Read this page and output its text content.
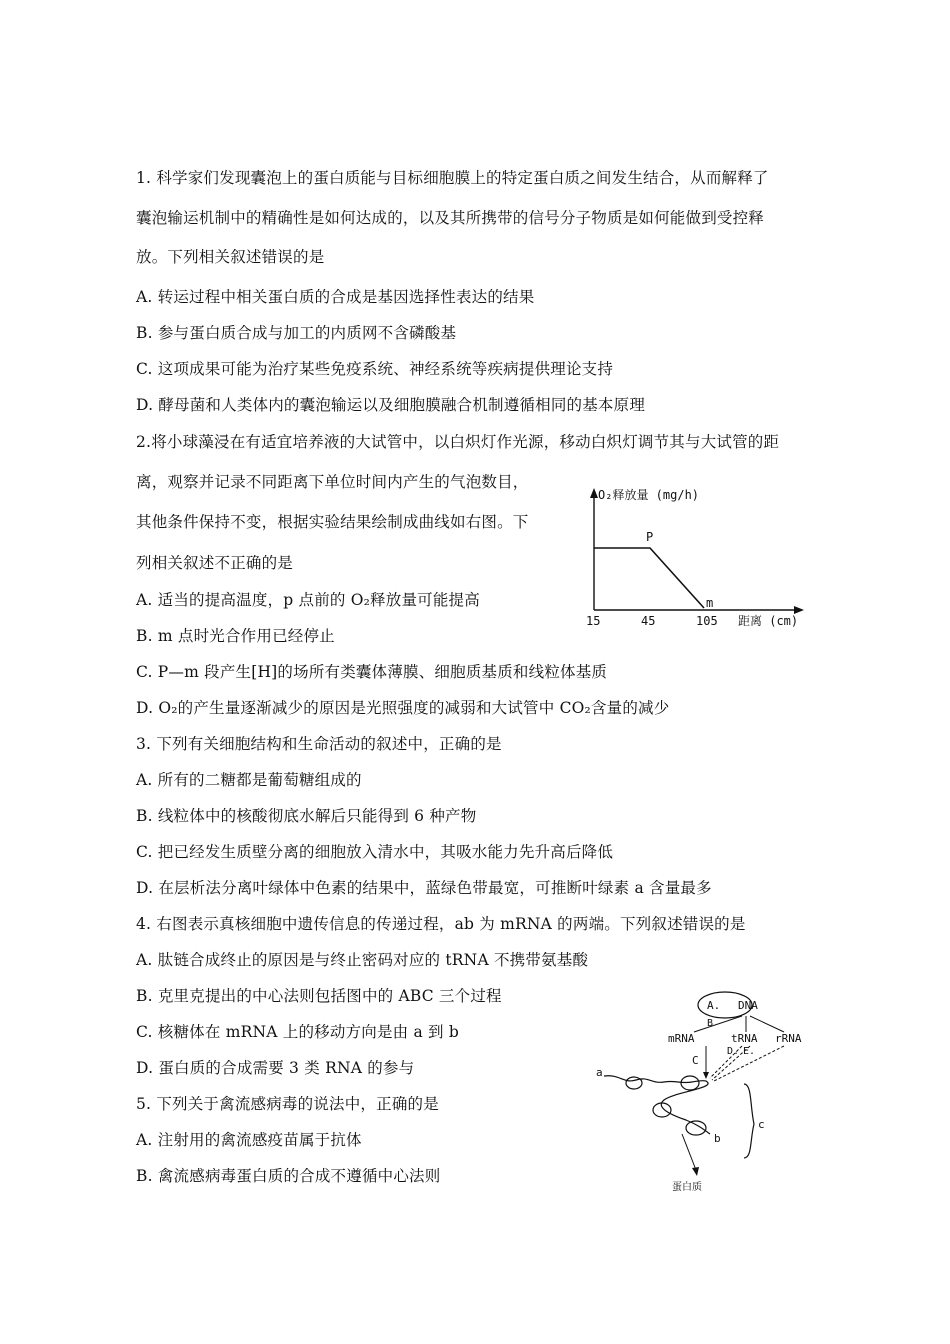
1. 科学家们发现囊泡上的蛋白质能与目标细胞膜上的特定蛋白质之间发生结合，从而解释了
囊泡输运机制中的精确性是如何达成的，以及其所携带的信号分子物质是如何能做到受控释
放。下列相关叙述错误的是
A. 转运过程中相关蛋白质的合成是基因选择性表达的结果
B. 参与蛋白质合成与加工的内质网不含磷酸基
C. 这项成果可能为治疗某些免疫系统、神经系统等疾病提供理论支持
D. 酵母菌和人类体内的囊泡输运以及细胞膜融合机制遵循相同的基本原理
2.将小球藻浸在有适宜培养液的大试管中，以白炽灯作光源，移动白炽灯调节其与大试管的距
离，观察并记录不同距离下单位时间内产生的气泡数目，
其他条件保持不变，根据实验结果绘制成曲线如右图。下
列相关叙述不正确的是
A. 适当的提高温度，p 点前的 O₂释放量可能提高
B. m 点时光合作用已经停止
C. P—m 段产生[H]的场所有类囊体薄膜、细胞质基质和线粒体基质
D. O₂的产生量逐渐减少的原因是光照强度的减弱和大试管中 CO₂含量的减少
3. 下列有关细胞结构和生命活动的叙述中，正确的是
A. 所有的二糖都是葡萄糖组成的
B. 线粒体中的核酸彻底水解后只能得到 6 种产物
C. 把已经发生质壁分离的细胞放入清水中，其吸水能力先升高后降低
D. 在层析法分离叶绿体中色素的结果中，蓝绿色带最宽，可推断叶绿素 a 含量最多
4. 右图表示真核细胞中遗传信息的传递过程，ab 为 mRNA 的两端。下列叙述错误的是
A. 肽链合成终止的原因是与终止密码对应的 tRNA 不携带氨基酸
B. 克里克提出的中心法则包括图中的 ABC 三个过程
C. 核糖体在 mRNA 上的移动方向是由 a 到 b
D. 蛋白质的合成需要 3 类 RNA 的参与
5. 下列关于禽流感病毒的说法中，正确的是
A. 注射用的禽流感疫苗属于抗体
B. 禽流感病毒蛋白质的合成不遵循中心法则
O₂释放量 (mg/h)
P
m
15	45	105 距离 (cm)
A. DNA
B
mRNA	tRNA rRNA
C
D. E.
a
b
c
蛋白质
